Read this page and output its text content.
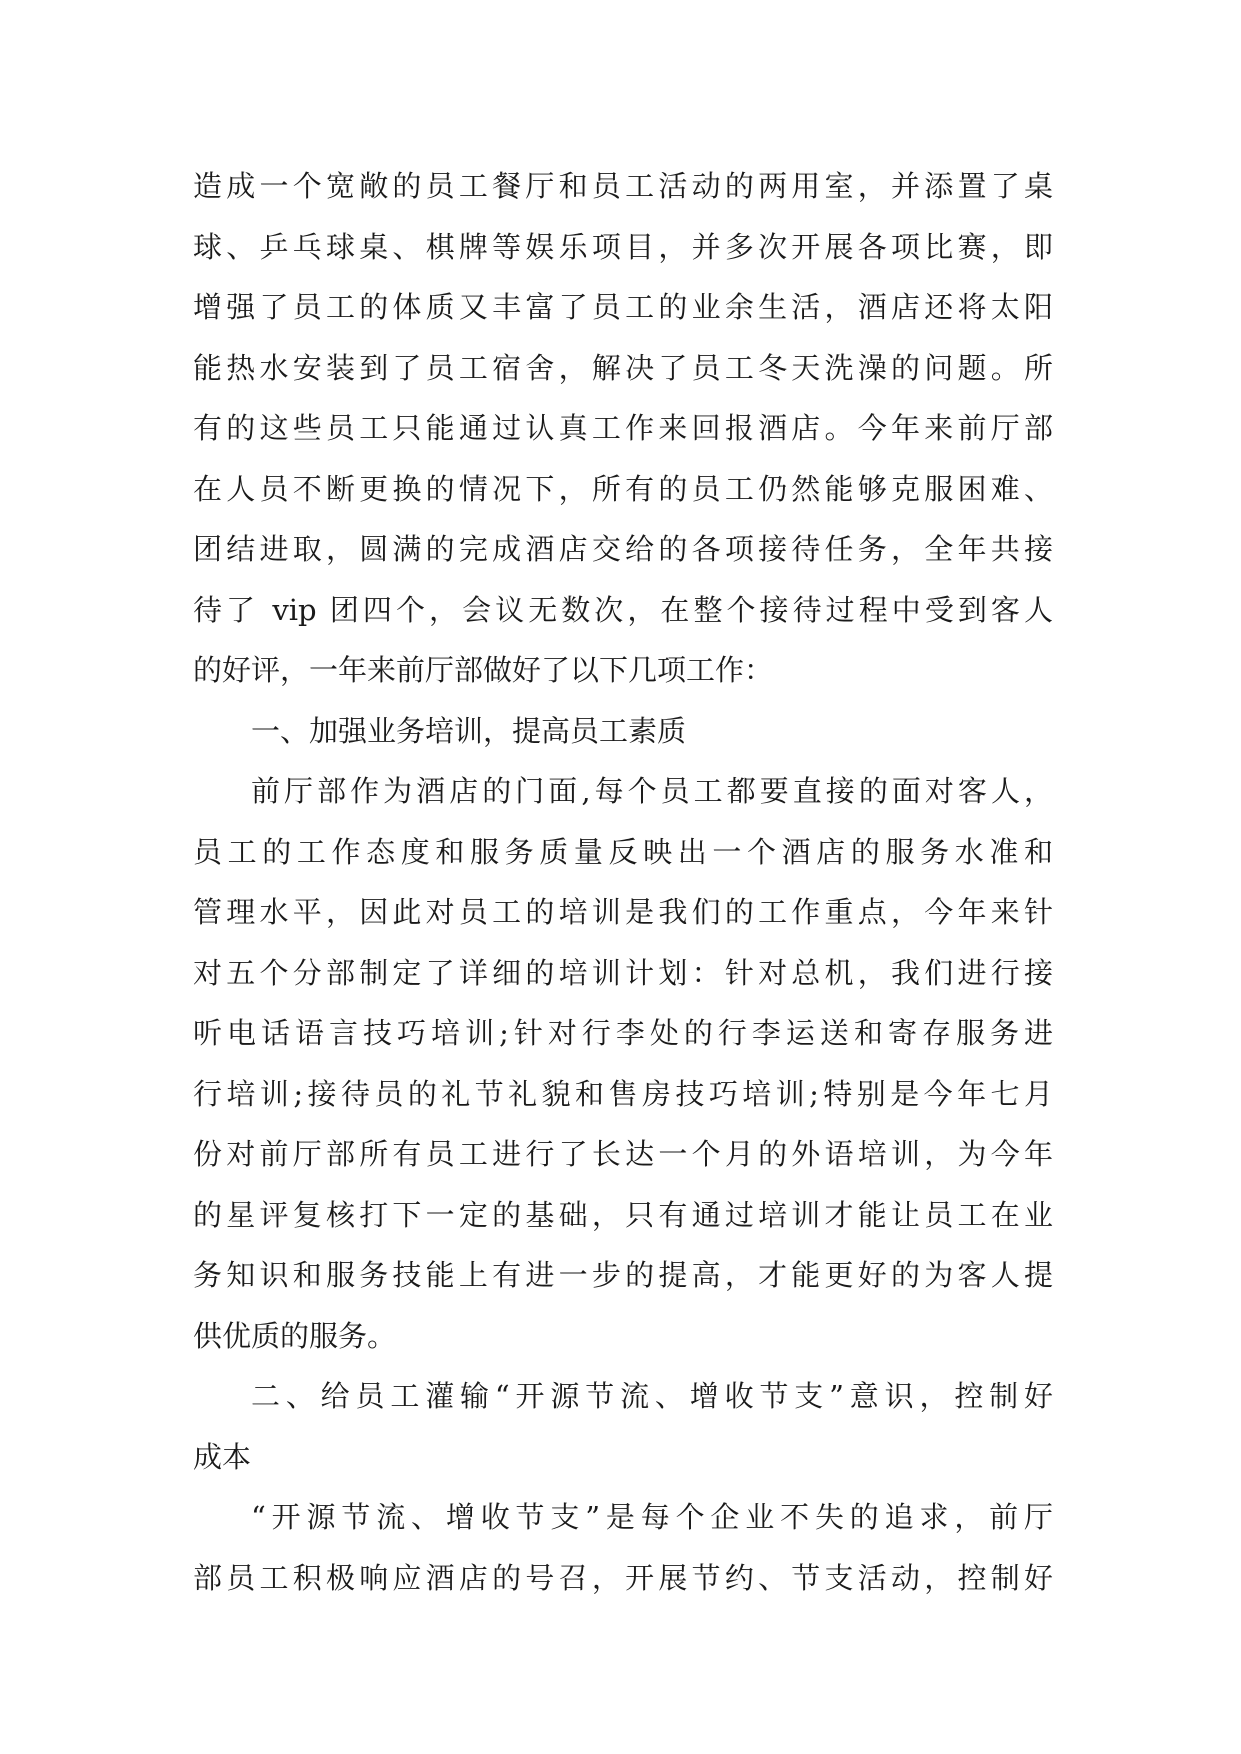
造成一个宽敞的员工餐厅和员工活动的两用室，并添置了桌
球、乒乓球桌、棋牌等娱乐项目，并多次开展各项比赛，即
增强了员工的体质又丰富了员工的业余生活，酒店还将太阳
能热水安装到了员工宿舍，解决了员工冬天洗澡的问题。所
有的这些员工只能通过认真工作来回报酒店。今年来前厅部
在人员不断更换的情况下，所有的员工仍然能够克服困难、
团结进取，圆满的完成酒店交给的各项接待任务，全年共接
待了 vip 团四个，会议无数次，在整个接待过程中受到客人
的好评，一年来前厅部做好了以下几项工作：
一、加强业务培训，提高员工素质
前厅部作为酒店的门面,每个员工都要直接的面对客人，
员工的工作态度和服务质量反映出一个酒店的服务水准和
管理水平，因此对员工的培训是我们的工作重点，今年来针
对五个分部制定了详细的培训计划：针对总机，我们进行接
听电话语言技巧培训;针对行李处的行李运送和寄存服务进
行培训;接待员的礼节礼貌和售房技巧培训;特别是今年七月
份对前厅部所有员工进行了长达一个月的外语培训，为今年
的星评复核打下一定的基础，只有通过培训才能让员工在业
务知识和服务技能上有进一步的提高，才能更好的为客人提
供优质的服务。
二、给员工灌输“开源节流、增收节支”意识，控制好
成本
“开源节流、增收节支”是每个企业不失的追求，前厅
部员工积极响应酒店的号召，开展节约、节支活动，控制好
